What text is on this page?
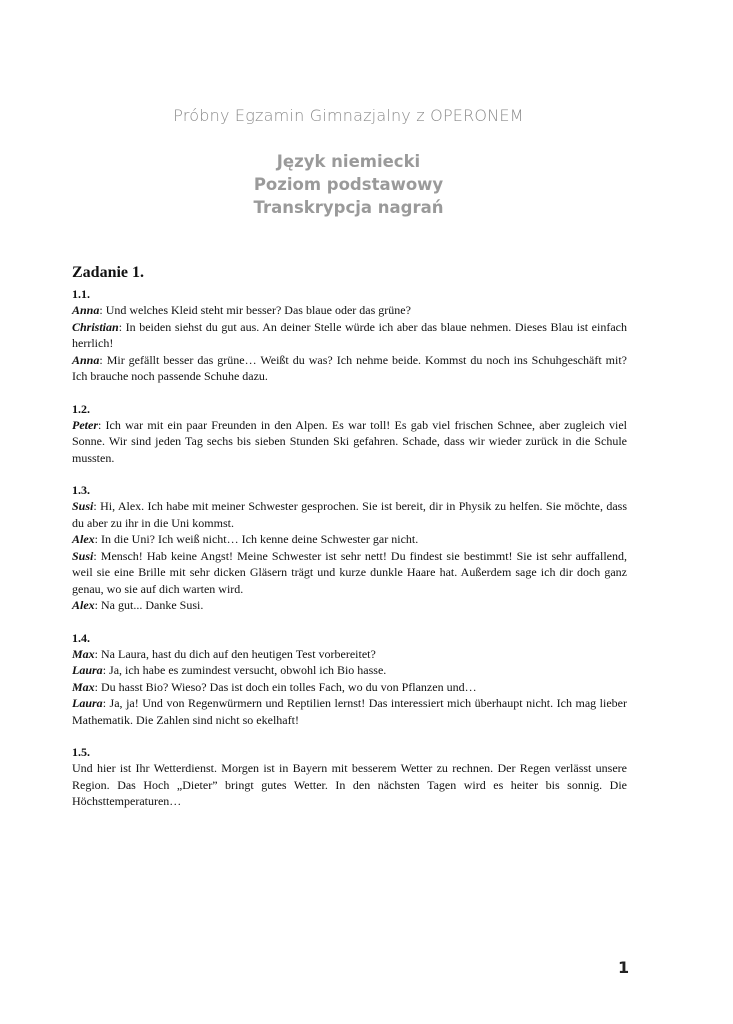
Próbny Egzamin Gimnazjalny z OPERONEM
Język niemiecki
Poziom podstawowy
Transkrypcja nagrań
Zadanie 1.
1.1.
Anna: Und welches Kleid steht mir besser? Das blaue oder das grüne?
Christian: In beiden siehst du gut aus. An deiner Stelle würde ich aber das blaue nehmen. Dieses Blau ist einfach herrlich!
Anna: Mir gefällt besser das grüne… Weißt du was? Ich nehme beide. Kommst du noch ins Schuhgeschäft mit? Ich brauche noch passende Schuhe dazu.
1.2.
Peter: Ich war mit ein paar Freunden in den Alpen. Es war toll! Es gab viel frischen Schnee, aber zugleich viel Sonne. Wir sind jeden Tag sechs bis sieben Stunden Ski gefahren. Schade, dass wir wieder zurück in die Schule mussten.
1.3.
Susi: Hi, Alex. Ich habe mit meiner Schwester gesprochen. Sie ist bereit, dir in Physik zu helfen. Sie möchte, dass du aber zu ihr in die Uni kommst.
Alex: In die Uni? Ich weiß nicht… Ich kenne deine Schwester gar nicht.
Susi: Mensch! Hab keine Angst! Meine Schwester ist sehr nett! Du findest sie bestimmt! Sie ist sehr auffallend, weil sie eine Brille mit sehr dicken Gläsern trägt und kurze dunkle Haare hat. Außerdem sage ich dir doch ganz genau, wo sie auf dich warten wird.
Alex: Na gut... Danke Susi.
1.4.
Max: Na Laura, hast du dich auf den heutigen Test vorbereitet?
Laura: Ja, ich habe es zumindest versucht, obwohl ich Bio hasse.
Max: Du hasst Bio? Wieso? Das ist doch ein tolles Fach, wo du von Pflanzen und…
Laura: Ja, ja! Und von Regenwürmern und Reptilien lernst! Das interessiert mich überhaupt nicht. Ich mag lieber Mathematik. Die Zahlen sind nicht so ekelhaft!
1.5.
Und hier ist Ihr Wetterdienst. Morgen ist in Bayern mit besserem Wetter zu rechnen. Der Regen verlässt unsere Region. Das Hoch „Dieter” bringt gutes Wetter. In den nächsten Tagen wird es heiter bis sonnig. Die Höchsttemperaturen…
1
